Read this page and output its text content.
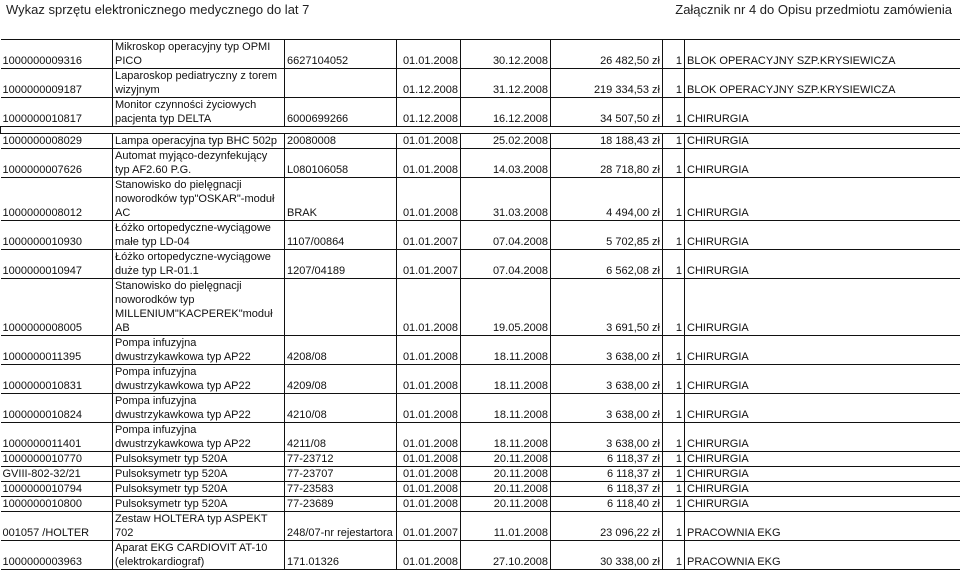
Wykaz sprzętu elektronicznego medycznego do lat 7	Załącznik nr 4 do Opisu przedmiotu zamówienia
1000000009316	Mikroskop operacyjny typ OPMI
PICO	6627104052	01.01.2008	30.12.2008	26 482,50 zł	1	BLOK OPERACYJNY SZP.KRYSIEWICZA
1000000009187	Laparoskop pediatryczny z torem
wizyjnym		01.12.2008	31.12.2008	219 334,53 zł	1	BLOK OPERACYJNY SZP.KRYSIEWICZA
1000000010817	Monitor czynności życiowych
pacjenta typ DELTA	6000699266	01.12.2008	16.12.2008	34 507,50 zł	1	CHIRURGIA

1000000008029	Lampa operacyjna typ BHC 502p	20080008	01.01.2008	25.02.2008	18 188,43 zł	1	CHIRURGIA
1000000007626	Automat myjąco-dezynfekujący
typ AF2.60 P.G.	L080106058	01.01.2008	14.03.2008	28 718,80 zł	1	CHIRURGIA
1000000008012	Stanowisko do pielęgnacji
noworodków typ"OSKAR"-moduł
AC	BRAK	01.01.2008	31.03.2008	4 494,00 zł	1	CHIRURGIA
1000000010930	Łóżko ortopedyczne-wyciągowe
małe typ LD-04	1107/00864	01.01.2007	07.04.2008	5 702,85 zł	1	CHIRURGIA
1000000010947	Łóżko ortopedyczne-wyciągowe
duże typ LR-01.1	1207/04189	01.01.2007	07.04.2008	6 562,08 zł	1	CHIRURGIA
1000000008005	Stanowisko do pielęgnacji
noworodków typ
MILLENIUM"KACPEREK"moduł
AB		01.01.2008	19.05.2008	3 691,50 zł	1	CHIRURGIA
1000000011395	Pompa infuzyjna
dwustrzykawkowa typ AP22	4208/08	01.01.2008	18.11.2008	3 638,00 zł	1	CHIRURGIA
1000000010831	Pompa infuzyjna
dwustrzykawkowa typ AP22	4209/08	01.01.2008	18.11.2008	3 638,00 zł	1	CHIRURGIA
1000000010824	Pompa infuzyjna
dwustrzykawkowa typ AP22	4210/08	01.01.2008	18.11.2008	3 638,00 zł	1	CHIRURGIA
1000000011401	Pompa infuzyjna
dwustrzykawkowa typ AP22	4211/08	01.01.2008	18.11.2008	3 638,00 zł	1	CHIRURGIA
1000000010770	Pulsoksymetr typ 520A	77-23712	01.01.2008	20.11.2008	6 118,37 zł	1	CHIRURGIA
GVIII-802-32/21	Pulsoksymetr typ 520A	77-23707	01.01.2008	20.11.2008	6 118,37 zł	1	CHIRURGIA
1000000010794	Pulsoksymetr typ 520A	77-23583	01.01.2008	20.11.2008	6 118,37 zł	1	CHIRURGIA
1000000010800	Pulsoksymetr typ 520A	77-23689	01.01.2008	20.11.2008	6 118,40 zł	1	CHIRURGIA
001057 /HOLTER	Zestaw HOLTERA typ ASPEKT
702	248/07-nr rejestartora	01.01.2007	11.01.2008	23 096,22 zł	1	PRACOWNIA EKG
1000000003963	Aparat EKG CARDIOVIT AT-10
(elektrokardiograf)	171.01326	01.01.2008	27.10.2008	30 338,00 zł	1	PRACOWNIA EKG
